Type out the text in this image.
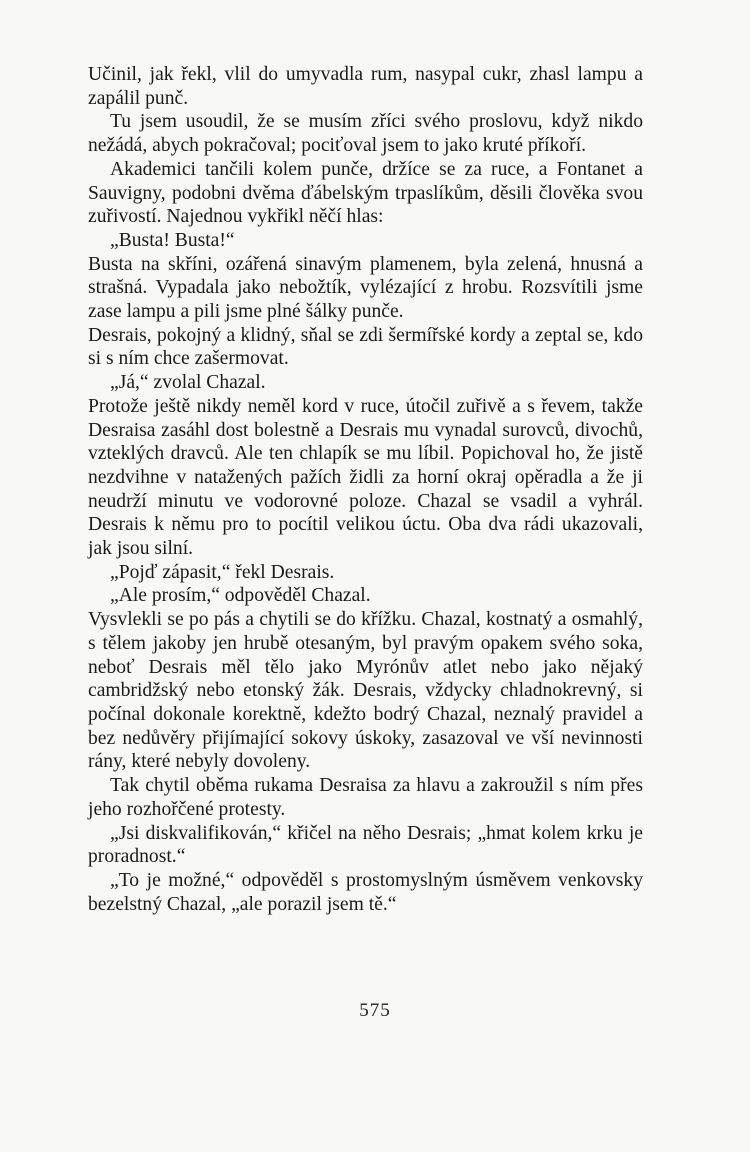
Učinil, jak řekl, vlil do umyvadla rum, nasypal cukr, zhasl lampu a zapálil punč.

Tu jsem usoudil, že se musím zříci svého proslovu, když nikdo nežádá, abych pokračoval; pociťoval jsem to jako kruté příkoří.

Akademici tančili kolem punče, držíce se za ruce, a Fontanet a Sauvigny, podobni dvěma ďábelským trpaslíkům, děsili člověka svou zuřivostí. Najednou vykřikl něčí hlas:

„Busta! Busta!“

Busta na skříni, ozářená sinavým plamenem, byla zelená, hnusná a strašná. Vypadala jako nebožtík, vylézající z hrobu. Rozsvítili jsme zase lampu a pili jsme plné šálky punče.

Desrais, pokojný a klidný, sňal se zdi šermířské kordy a zeptal se, kdo si s ním chce zašermovat.

„Já,“ zvolal Chazal.

Protože ještě nikdy neměl kord v ruce, útočil zuřivě a s řevem, takže Desraisa zasáhl dost bolestně a Desrais mu vynadal surovců, divochů, vzteklých dravců. Ale ten chlapík se mu líbil. Popichoval ho, že jistě nezdvihne v natažených pažích židli za horní okraj opěradla a že ji neudrží minutu ve vodorovné poloze. Chazal se vsadil a vyhrál. Desrais k němu pro to pocítil velikou úctu. Oba dva rádi ukazovali, jak jsou silní.

„Pojď zápasit,“ řekl Desrais.

„Ale prosím,“ odpověděl Chazal.

Vysvlekli se po pás a chytili se do křížku. Chazal, kostnatý a osmahlý, s tělem jakoby jen hrubě otesaným, byl pravým opakem svého soka, neboť Desrais měl tělo jako Myrónův atlet nebo jako nějaký cambridžský nebo etonský žák. Desrais, vždycky chladnokrevný, si počínal dokonale korektně, kdežto bodrý Chazal, neznalý pravidel a bez nedůvěry přijímající sokovy úskoky, zasazoval ve vší nevinnosti rány, které nebyly dovoleny.

Tak chytil oběma rukama Desraisa za hlavu a zakroužil s ním přes jeho rozhořčené protesty.

„Jsi diskvalifikován,“ křičel na něho Desrais; „hmat kolem krku je proradnost.“

„To je možné,“ odpověděl s prostomyslným úsměvem venkovsky bezelstný Chazal, „ale porazil jsem tě.“

575
